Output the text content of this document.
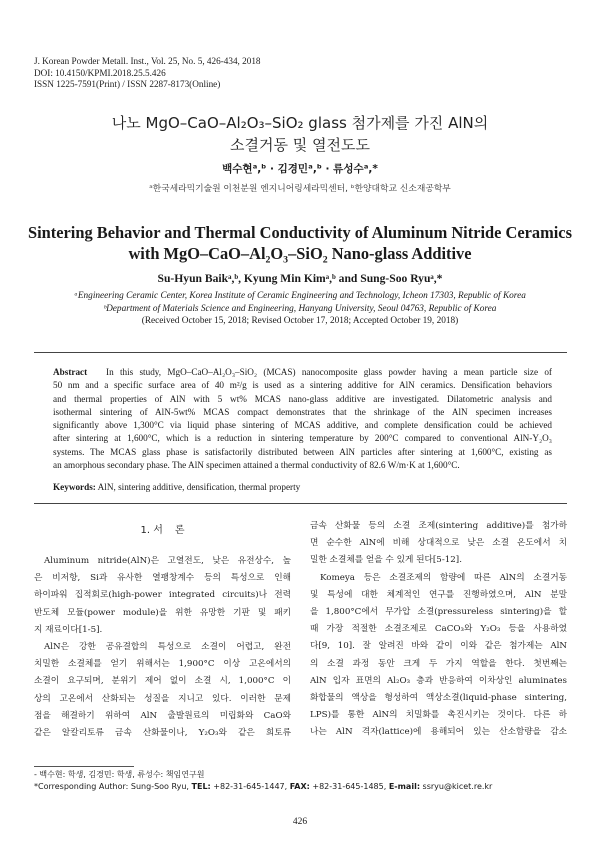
J. Korean Powder Metall. Inst., Vol. 25, No. 5, 426-434, 2018
DOI: 10.4150/KPMI.2018.25.5.426
ISSN 1225-7591(Print) / ISSN 2287-8173(Online)
나노 MgO–CaO–Al₂O₃–SiO₂ glass 첨가제를 가진 AlN의
소결거동 및 열전도도
백수현ᵃ,ᵇ · 김경민ᵃ,ᵇ · 류성수ᵃ,*
ᵃ한국세라믹기술원 이천분원 엔지니어링세라믹센터, ᵇ한양대학교 신소재공학부
Sintering Behavior and Thermal Conductivity of Aluminum Nitride Ceramics
with MgO–CaO–Al₂O₃–SiO₂ Nano-glass Additive
Su-Hyun Baikᵃ,ᵇ, Kyung Min Kimᵃ,ᵇ and Sung-Soo Ryuᵃ,*
ᵃEngineering Ceramic Center, Korea Institute of Ceramic Engineering and Technology, Icheon 17303, Republic of Korea
ᵇDepartment of Materials Science and Engineering, Hanyang University, Seoul 04763, Republic of Korea
(Received October 15, 2018; Revised October 17, 2018; Accepted October 19, 2018)
Abstract In this study, MgO–CaO–Al₂O₃–SiO₂ (MCAS) nanocomposite glass powder having a mean particle size of
50 nm and a specific surface area of 40 m²/g is used as a sintering additive for AlN ceramics. Densification behaviors
and thermal properties of AlN with 5 wt% MCAS nano-glass additive are investigated. Dilatometric analysis and
isothermal sintering of AlN-5wt% MCAS compact demonstrates that the shrinkage of the AlN specimen increases
significantly above 1,300°C via liquid phase sintering of MCAS additive, and complete densification could be achieved
after sintering at 1,600°C, which is a reduction in sintering temperature by 200°C compared to conventional AlN-Y₂O₃
systems. The MCAS glass phase is satisfactorily distributed between AlN particles after sintering at 1,600°C, existing as
an amorphous secondary phase. The AlN specimen attained a thermal conductivity of 82.6 W/m·K at 1,600°C.
Keywords: AlN, sintering additive, densification, thermal property
1. 서 론
Aluminum nitride(AlN)은 고열전도, 낮은 유전상수, 높
은 비저항, Si과 유사한 열팽창계수 등의 특성으로 인해
하이파워 집적회로(high-power integrated circuits)나 전력
반도체 모듈(power module)을 위한 유망한 기판 및 패키
지 재료이다[1-5].
AlN은 강한 공유결합의 특성으로 소결이 어렵고, 완전
치밀한 소결체를 얻기 위해서는 1,900°C 이상 고온에서의
소결이 요구되며, 분위기 제어 없이 소결 시, 1,000°C 이
상의 고온에서 산화되는 성질을 지니고 있다. 이러한 문제
점을 해결하기 위하여 AlN 출발원료의 미립화와 CaO와
같은 알칼리토류 금속 산화물이나, Y₂O₃와 같은 희토류
금속 산화물 등의 소결 조제(sintering additive)를 첨가하
면 순수한 AlN에 비해 상대적으로 낮은 소결 온도에서 치
밀한 소결체를 얻을 수 있게 된다[5-12].
Komeya 등은 소결조제의 함량에 따른 AlN의 소결거동
및 특성에 대한 체계적인 연구를 진행하였으며, AlN 분말
을 1,800°C에서 무가압 소결(pressureless sintering)을 할
때 가장 적절한 소결조제로 CaCO₃와 Y₂O₃ 등을 사용하였
다[9, 10]. 잘 알려진 바와 같이 이와 같은 첨가제는 AlN
의 소결 과정 동안 크게 두 가지 역할을 한다. 첫번째는
AlN 입자 표면의 Al₂O₃ 층과 반응하여 이차상인 aluminates
화합물의 액상을 형성하여 액상소결(liquid-phase sintering,
LPS)를 통한 AlN의 치밀화를 촉진시키는 것이다. 다른 하
나는 AlN 격자(lattice)에 용해되어 있는 산소함량을 감소
- 백수현: 학생, 김경민: 학생, 류성수: 책임연구원
*Corresponding Author: Sung-Soo Ryu, TEL: +82-31-645-1447, FAX: +82-31-645-1485, E-mail: ssryu@kicet.re.kr
426
